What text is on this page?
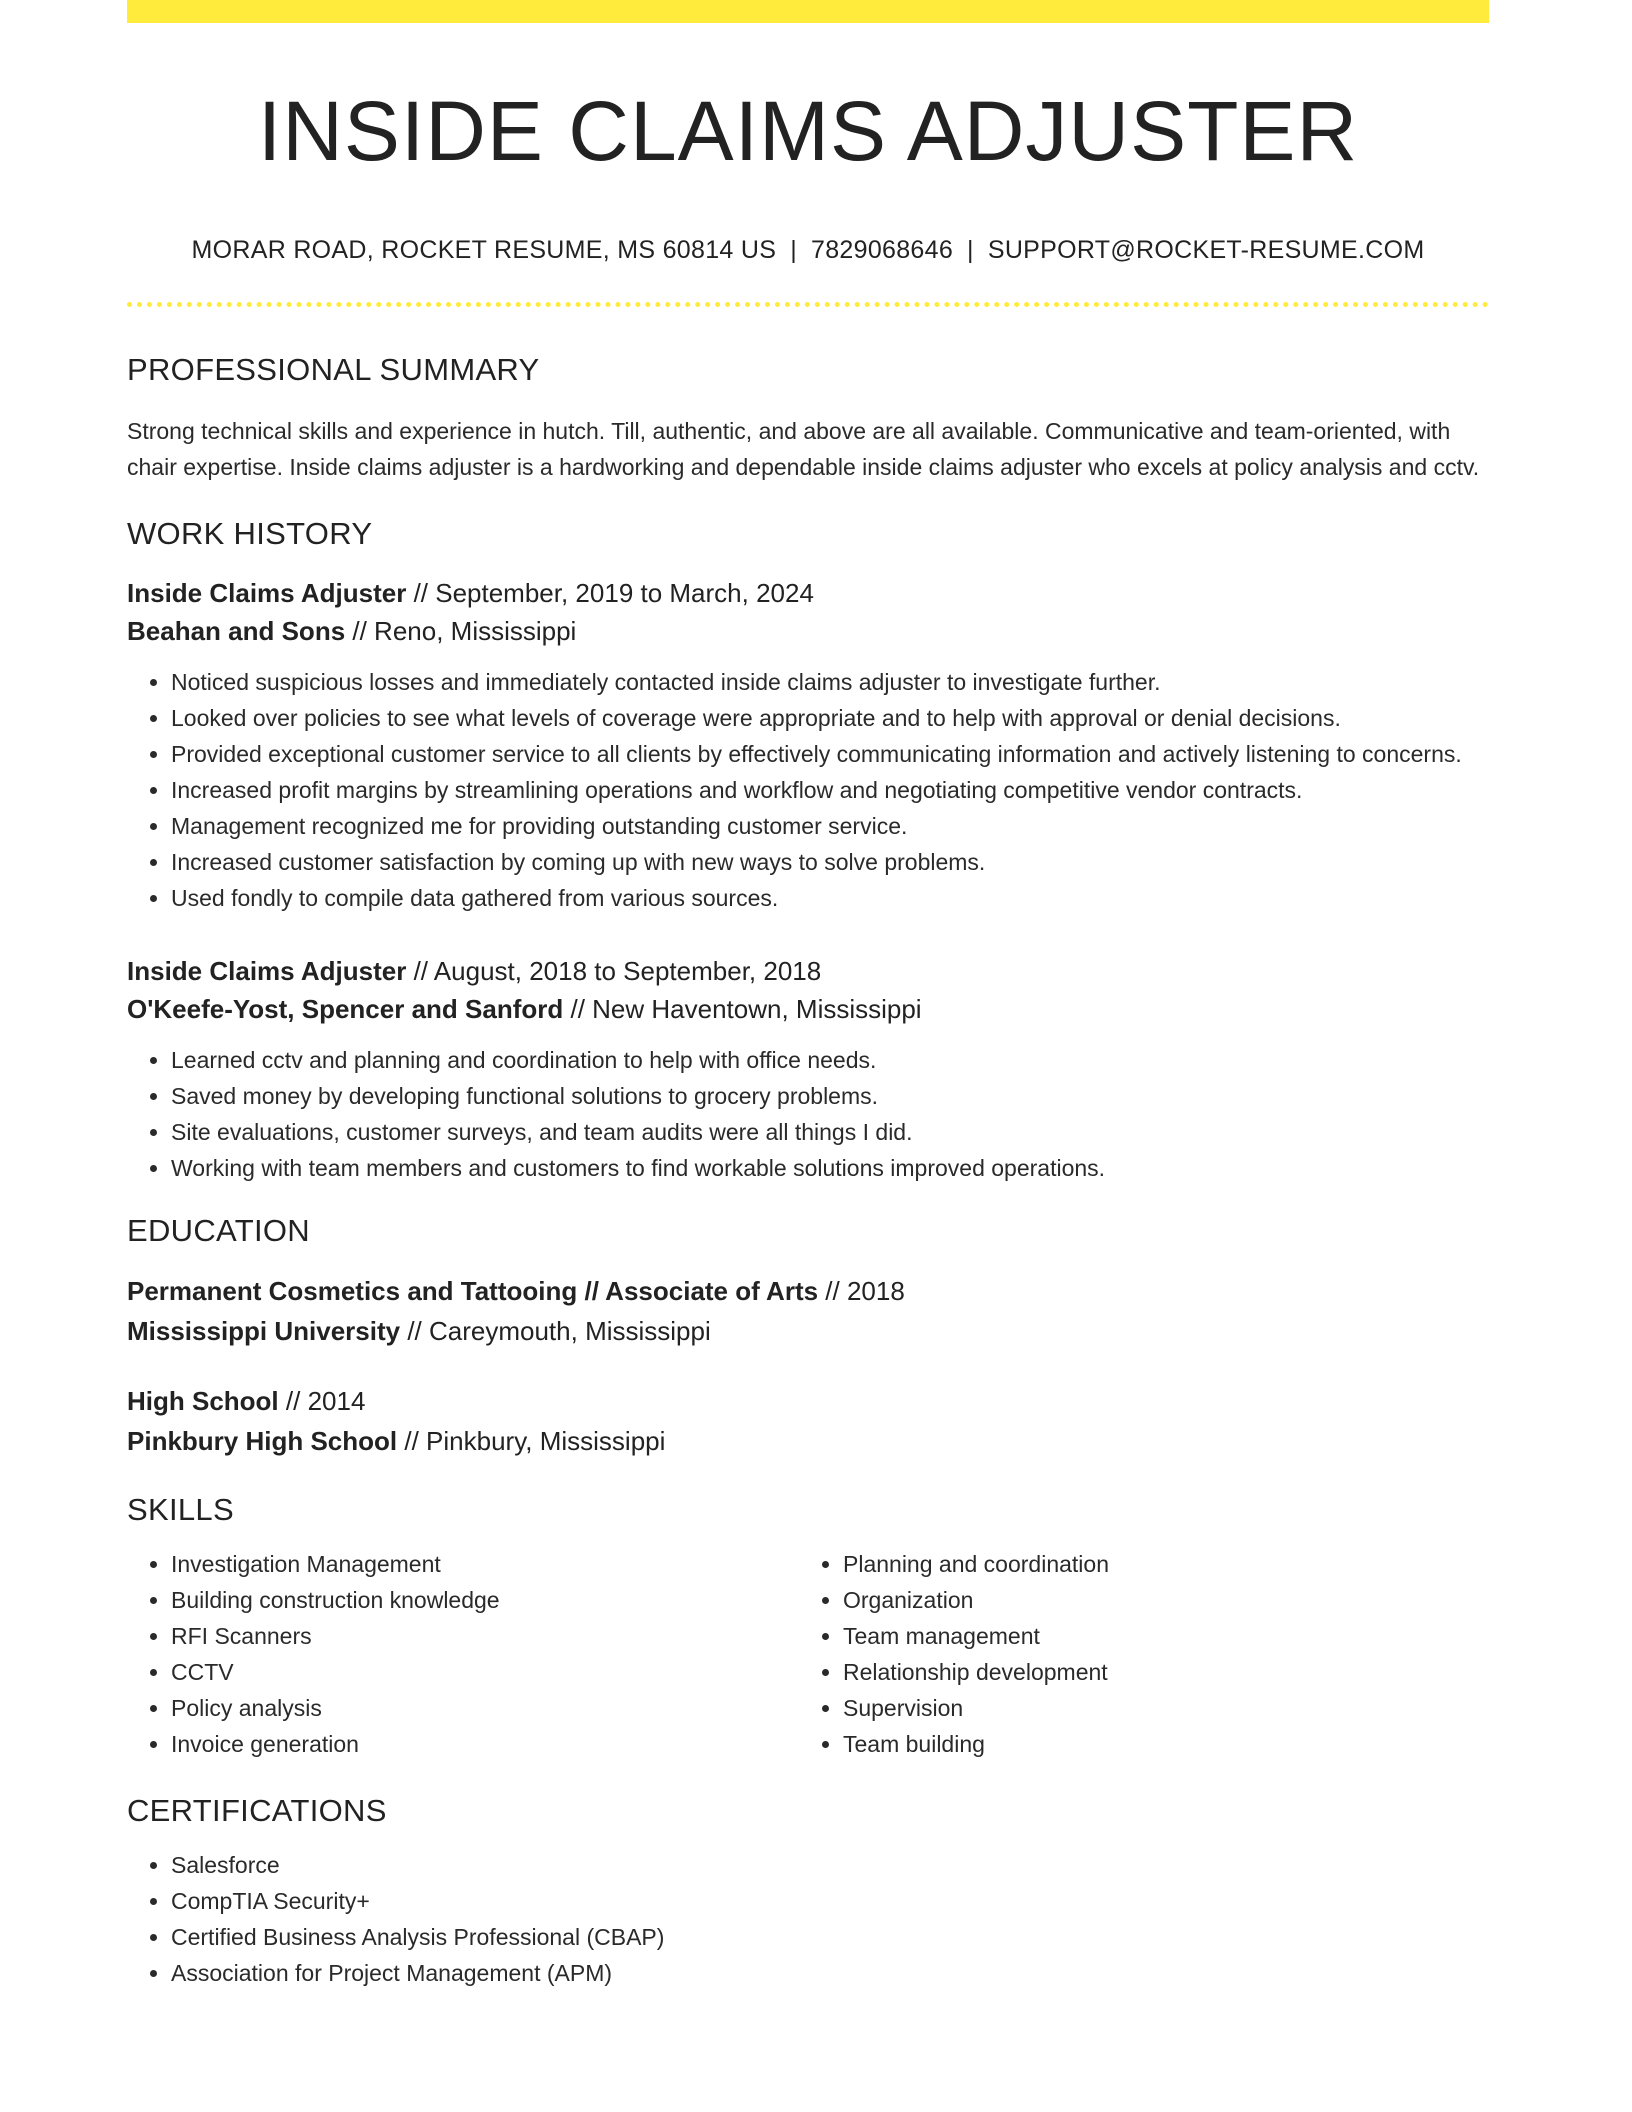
INSIDE CLAIMS ADJUSTER
MORAR ROAD, ROCKET RESUME, MS 60814 US | 7829068646 | SUPPORT@ROCKET-RESUME.COM
PROFESSIONAL SUMMARY
Strong technical skills and experience in hutch. Till, authentic, and above are all available. Communicative and team-oriented, with chair expertise. Inside claims adjuster is a hardworking and dependable inside claims adjuster who excels at policy analysis and cctv.
WORK HISTORY
Inside Claims Adjuster // September, 2019 to March, 2024
Beahan and Sons // Reno, Mississippi
• Noticed suspicious losses and immediately contacted inside claims adjuster to investigate further.
• Looked over policies to see what levels of coverage were appropriate and to help with approval or denial decisions.
• Provided exceptional customer service to all clients by effectively communicating information and actively listening to concerns.
• Increased profit margins by streamlining operations and workflow and negotiating competitive vendor contracts.
• Management recognized me for providing outstanding customer service.
• Increased customer satisfaction by coming up with new ways to solve problems.
• Used fondly to compile data gathered from various sources.
Inside Claims Adjuster // August, 2018 to September, 2018
O'Keefe-Yost, Spencer and Sanford // New Haventown, Mississippi
• Learned cctv and planning and coordination to help with office needs.
• Saved money by developing functional solutions to grocery problems.
• Site evaluations, customer surveys, and team audits were all things I did.
• Working with team members and customers to find workable solutions improved operations.
EDUCATION
Permanent Cosmetics and Tattooing // Associate of Arts // 2018
Mississippi University // Careymouth, Mississippi
High School // 2014
Pinkbury High School // Pinkbury, Mississippi
SKILLS
• Investigation Management
• Building construction knowledge
• RFI Scanners
• CCTV
• Policy analysis
• Invoice generation
• Planning and coordination
• Organization
• Team management
• Relationship development
• Supervision
• Team building
CERTIFICATIONS
• Salesforce
• CompTIA Security+
• Certified Business Analysis Professional (CBAP)
• Association for Project Management (APM)
